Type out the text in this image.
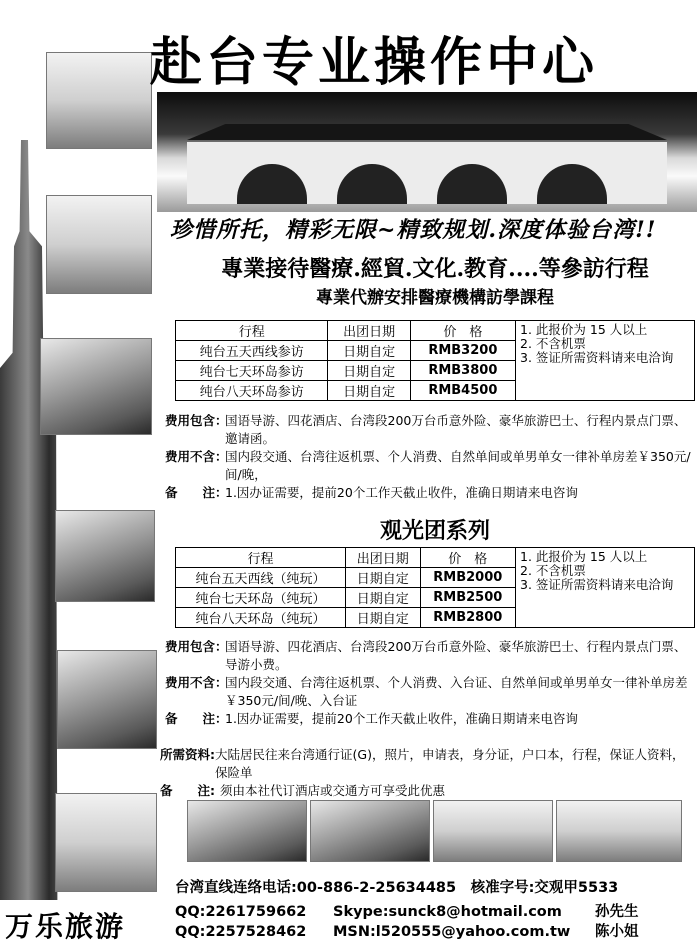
赴台专业操作中心
珍惜所托，精彩无限~精致规划.深度体验台湾!!
專業接待醫療.經貿.文化.教育....等參訪行程
專業代辦安排醫療機構訪學課程
行程	出团日期	价　格	1. 此报价为 15 人以上
2. 不含机票
3. 签证所需资料请来电洽询

纯台五天西线参访	日期自定	RMB3200	
纯台七天环岛参访	日期自定	RMB3800	
纯台八天环岛参访	日期自定	RMB4500	
费用包含：
国语导游、四花酒店、台湾段200万台币意外险、豪华旅游巴士、行程内景点门票、邀请函。
费用不含：
国内段交通、台湾往返机票、个人消费、自然单间或单男单女一律补单房差￥350元/间/晚，
备　　注：
1.因办证需要，提前20个工作天截止收件，准确日期请来电咨询
观光团系列
行程	出团日期	价　格	1. 此报价为 15 人以上
2. 不含机票
3. 签证所需资料请来电洽询

纯台五天西线（纯玩）	日期自定	RMB2000	
纯台七天环岛（纯玩）	日期自定	RMB2500	
纯台八天环岛（纯玩）	日期自定	RMB2800	
费用包含：
国语导游、四花酒店、台湾段200万台币意外险、豪华旅游巴士、行程内景点门票、导游小费。
费用不含：
国内段交通、台湾往返机票、个人消费、入台证、自然单间或单男单女一律补单房差￥350元/间/晚、入台证
备　　注：
1.因办证需要，提前20个工作天截止收件，准确日期请来电咨询
所需资料: 大陆居民往来台湾通行证(G)，照片，申请表，身分证，户口本，行程，保证人资料，保险单
备　　注: 须由本社代订酒店或交通方可享受此优惠
台湾直线连络电话:00-886-2-25634485　核准字号:交观甲5533
万乐旅游	QQ:2261759662 Skype:sunck8@hotmail.com 孙先生
QQ:2257528462 MSN:l520555@yahoo.com.tw 陈小姐
